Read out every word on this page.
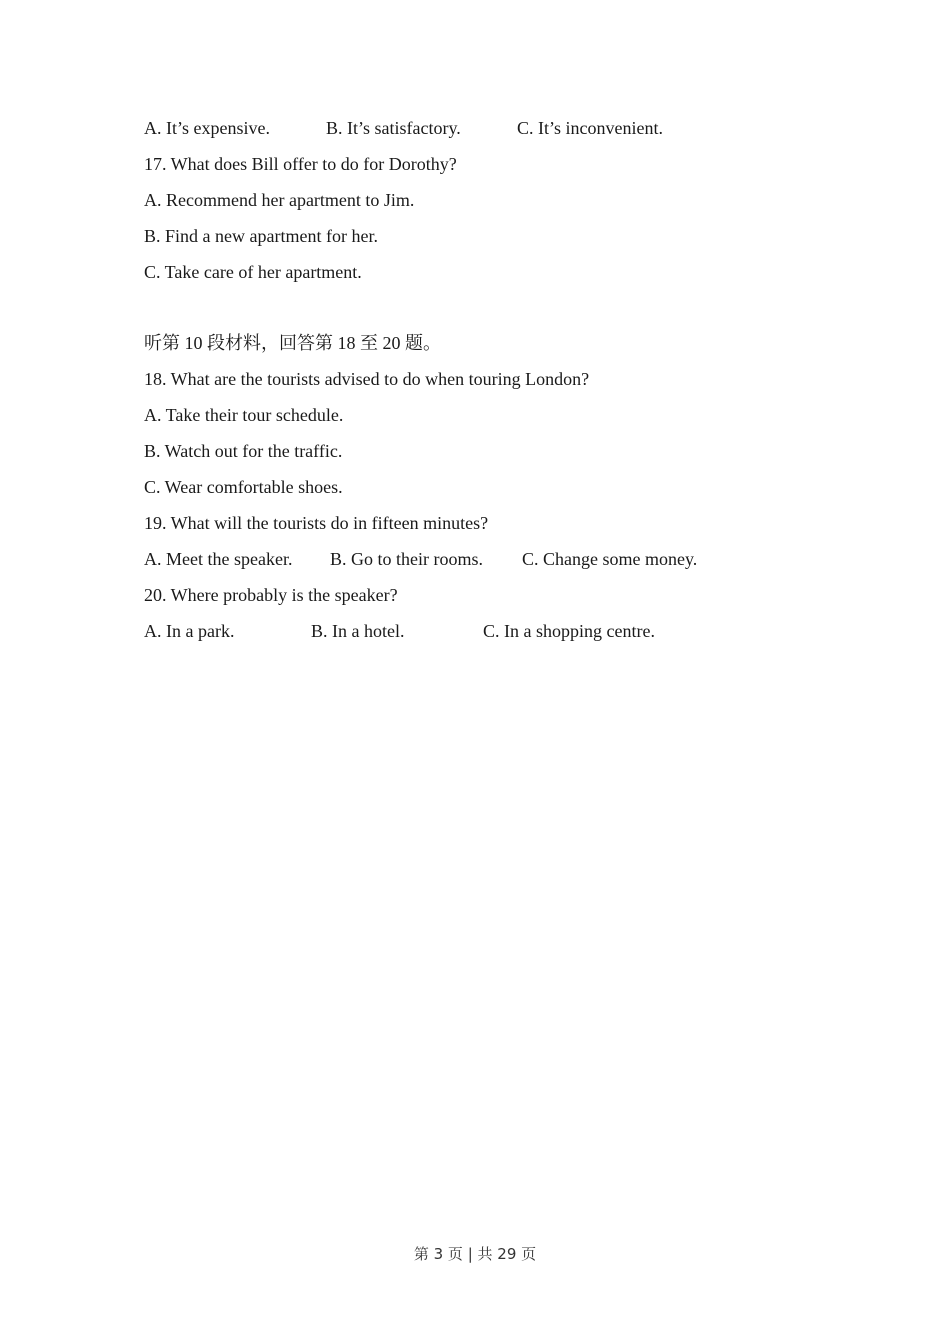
A. It’s expensive.	B. It’s satisfactory.	C. It’s inconvenient.
17. What does Bill offer to do for Dorothy?
A. Recommend her apartment to Jim.
B. Find a new apartment for her.
C. Take care of her apartment.
听第 10 段材料，回答第 18 至 20 题。
18. What are the tourists advised to do when touring London?
A. Take their tour schedule.
B. Watch out for the traffic.
C. Wear comfortable shoes.
19. What will the tourists do in fifteen minutes?
A. Meet the speaker. B. Go to their rooms. C. Change some money.
20. Where probably is the speaker?
A. In a park.	B. In a hotel.	C. In a shopping centre.
第 3 页 | 共 29 页
